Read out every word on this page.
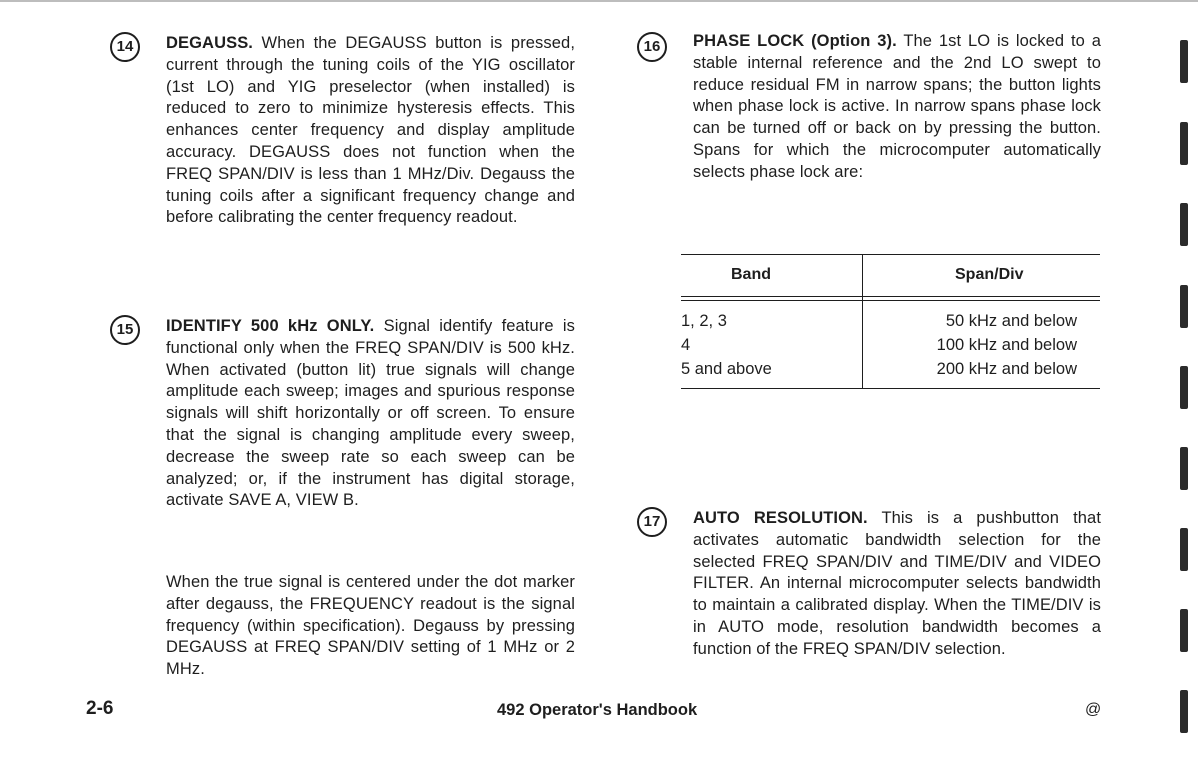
14	DEGAUSS. When the DEGAUSS button is pressed, current through the tuning coils of the YIG oscillator (1st LO) and YIG preselector (when installed) is reduced to zero to minimize hysteresis effects. This enhances center frequency and display amplitude accuracy. DEGAUSS does not function when the FREQ SPAN/DIV is less than 1 MHz/Div. Degauss the tuning coils after a significant frequency change and before calibrating the center frequency readout.

15	IDENTIFY 500 kHz ONLY. Signal identify feature is functional only when the FREQ SPAN/DIV is 500 kHz. When activated (button lit) true signals will change amplitude each sweep; images and spurious response signals will shift horizontally or off screen. To ensure that the signal is changing amplitude every sweep, decrease the sweep rate so each sweep can be analyzed; or, if the instrument has digital storage, activate SAVE A, VIEW B.

When the true signal is centered under the dot marker after degauss, the FREQUENCY readout is the signal frequency (within specification). Degauss by pressing DEGAUSS at FREQ SPAN/DIV setting of 1 MHz or 2 MHz.

16	PHASE LOCK (Option 3). The 1st LO is locked to a stable internal reference and the 2nd LO swept to reduce residual FM in narrow spans; the button lights when phase lock is active. In narrow spans phase lock can be turned off or back on by pressing the button. Spans for which the microcomputer automatically selects phase lock are:

Band	Span/Div
1, 2, 3	50 kHz and below
4	100 kHz and below
5 and above	200 kHz and below
17	AUTO RESOLUTION. This is a pushbutton that activates automatic bandwidth selection for the selected FREQ SPAN/DIV and TIME/DIV and VIDEO FILTER. An internal microcomputer selects bandwidth to maintain a calibrated display. When the TIME/DIV is in AUTO mode, resolution bandwidth becomes a function of the FREQ SPAN/DIV selection.

2-6	492 Operator's Handbook	@
